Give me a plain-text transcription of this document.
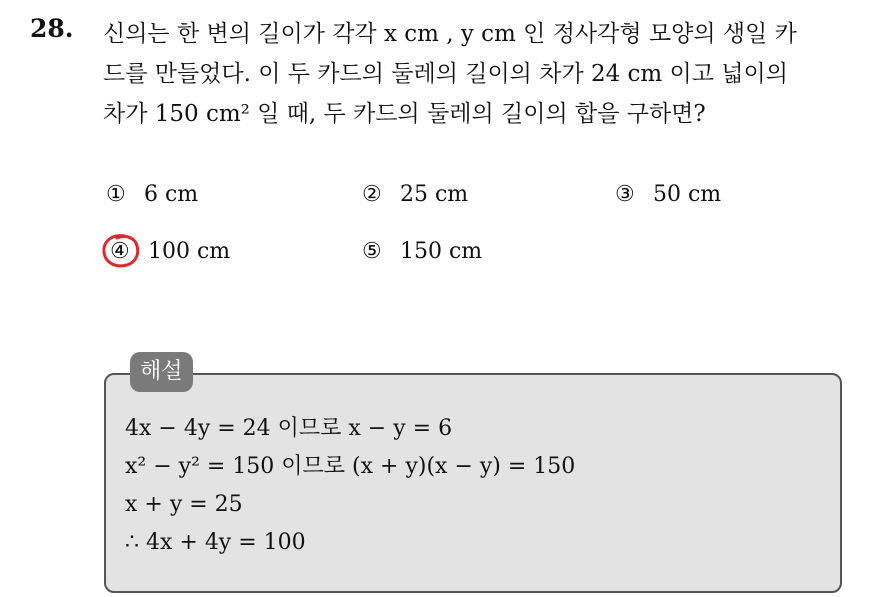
28. 신의는 한 변의 길이가 각각 x cm , y cm 인 정사각형 모양의 생일 카
드를 만들었다. 이 두 카드의 둘레의 길이의 차가 24 cm 이고 넓이의
차가 150 cm² 일 때, 두 카드의 둘레의 길이의 합을 구하면?
① 6 cm	② 25 cm	③ 50 cm
④ 100 cm	⑤ 150 cm
해설
4x − 4y = 24 이므로 x − y = 6
x² − y² = 150 이므로 (x + y)(x − y) = 150
x + y = 25
∴ 4x + 4y = 100
